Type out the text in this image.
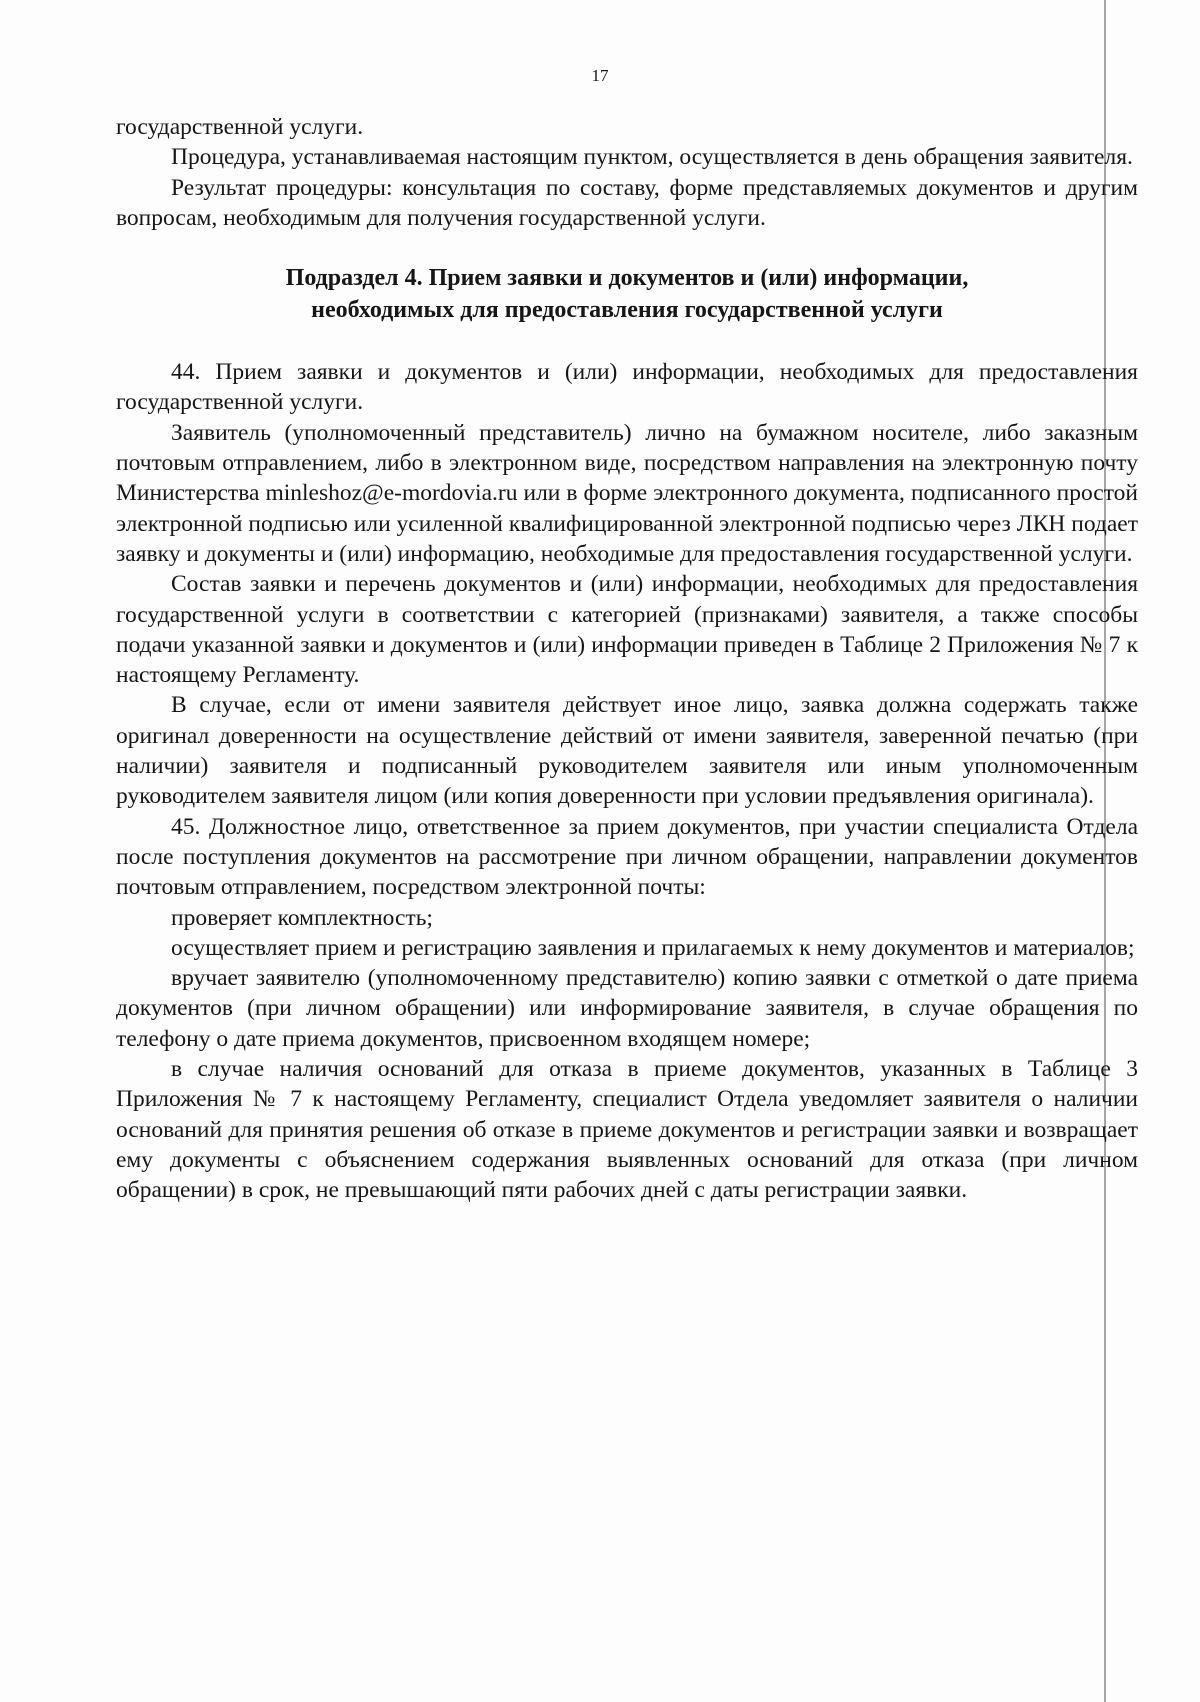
17

государственной услуги.

Процедура, устанавливаемая настоящим пунктом, осуществляется в день обращения заявителя.

Результат процедуры: консультация по составу, форме представляемых документов и другим вопросам, необходимым для получения государственной услуги.

Подраздел 4. Прием заявки и документов и (или) информации,
необходимых для предоставления государственной услуги

44. Прием заявки и документов и (или) информации, необходимых для предоставления государственной услуги.

Заявитель (уполномоченный представитель) лично на бумажном носителе, либо заказным почтовым отправлением, либо в электронном виде, посредством направления на электронную почту Министерства minleshoz@e-mordovia.ru или в форме электронного документа, подписанного простой электронной подписью или усиленной квалифицированной электронной подписью через ЛКН подает заявку и документы и (или) информацию, необходимые для предоставления государственной услуги.

Состав заявки и перечень документов и (или) информации, необходимых для предоставления государственной услуги в соответствии с категорией (признаками) заявителя, а также способы подачи указанной заявки и документов и (или) информации приведен в Таблице 2 Приложения № 7 к настоящему Регламенту.

В случае, если от имени заявителя действует иное лицо, заявка должна содержать также оригинал доверенности на осуществление действий от имени заявителя, заверенной печатью (при наличии) заявителя и подписанный руководителем заявителя или иным уполномоченным руководителем заявителя лицом (или копия доверенности при условии предъявления оригинала).

45. Должностное лицо, ответственное за прием документов, при участии специалиста Отдела после поступления документов на рассмотрение при личном обращении, направлении документов почтовым отправлением, посредством электронной почты:

проверяет комплектность;

осуществляет прием и регистрацию заявления и прилагаемых к нему документов и материалов;

вручает заявителю (уполномоченному представителю) копию заявки с отметкой о дате приема документов (при личном обращении) или информирование заявителя, в случае обращения по телефону о дате приема документов, присвоенном входящем номере;

в случае наличия оснований для отказа в приеме документов, указанных в Таблице 3 Приложения № 7 к настоящему Регламенту, специалист Отдела уведомляет заявителя о наличии оснований для принятия решения об отказе в приеме документов и регистрации заявки и возвращает ему документы с объяснением содержания выявленных оснований для отказа (при личном обращении) в срок, не превышающий пяти рабочих дней с даты регистрации заявки.
